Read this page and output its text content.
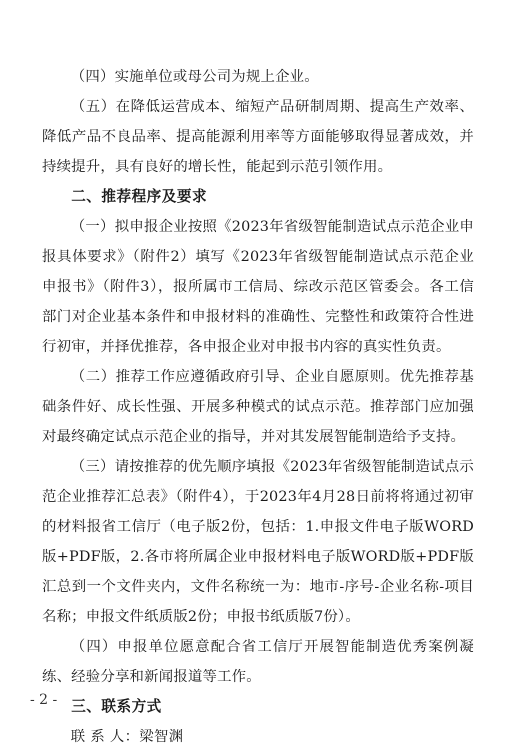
（四）实施单位或母公司为规上企业。

（五）在降低运营成本、缩短产品研制周期、提高生产效率、降低产品不良品率、提高能源利用率等方面能够取得显著成效，并持续提升，具有良好的增长性，能起到示范引领作用。

二、推荐程序及要求

（一）拟申报企业按照《2023年省级智能制造试点示范企业申报具体要求》（附件2）填写《2023年省级智能制造试点示范企业申报书》（附件3），报所属市工信局、综改示范区管委会。各工信部门对企业基本条件和申报材料的准确性、完整性和政策符合性进行初审，并择优推荐，各申报企业对申报书内容的真实性负责。

（二）推荐工作应遵循政府引导、企业自愿原则。优先推荐基础条件好、成长性强、开展多种模式的试点示范。推荐部门应加强对最终确定试点示范企业的指导，并对其发展智能制造给予支持。

（三）请按推荐的优先顺序填报《2023年省级智能制造试点示范企业推荐汇总表》（附件4），于2023年4月28日前将将通过初审的材料报省工信厅（电子版2份，包括：1.申报文件电子版WORD版+PDF版，2.各市将所属企业申报材料电子版WORD版+PDF版汇总到一个文件夹内，文件名称统一为：地市-序号-企业名称-项目名称；申报文件纸质版2份；申报书纸质版7份）。

（四）申报单位愿意配合省工信厅开展智能制造优秀案例凝练、经验分享和新闻报道等工作。

三、联系方式

联 系 人：梁智渊

- 2 -
